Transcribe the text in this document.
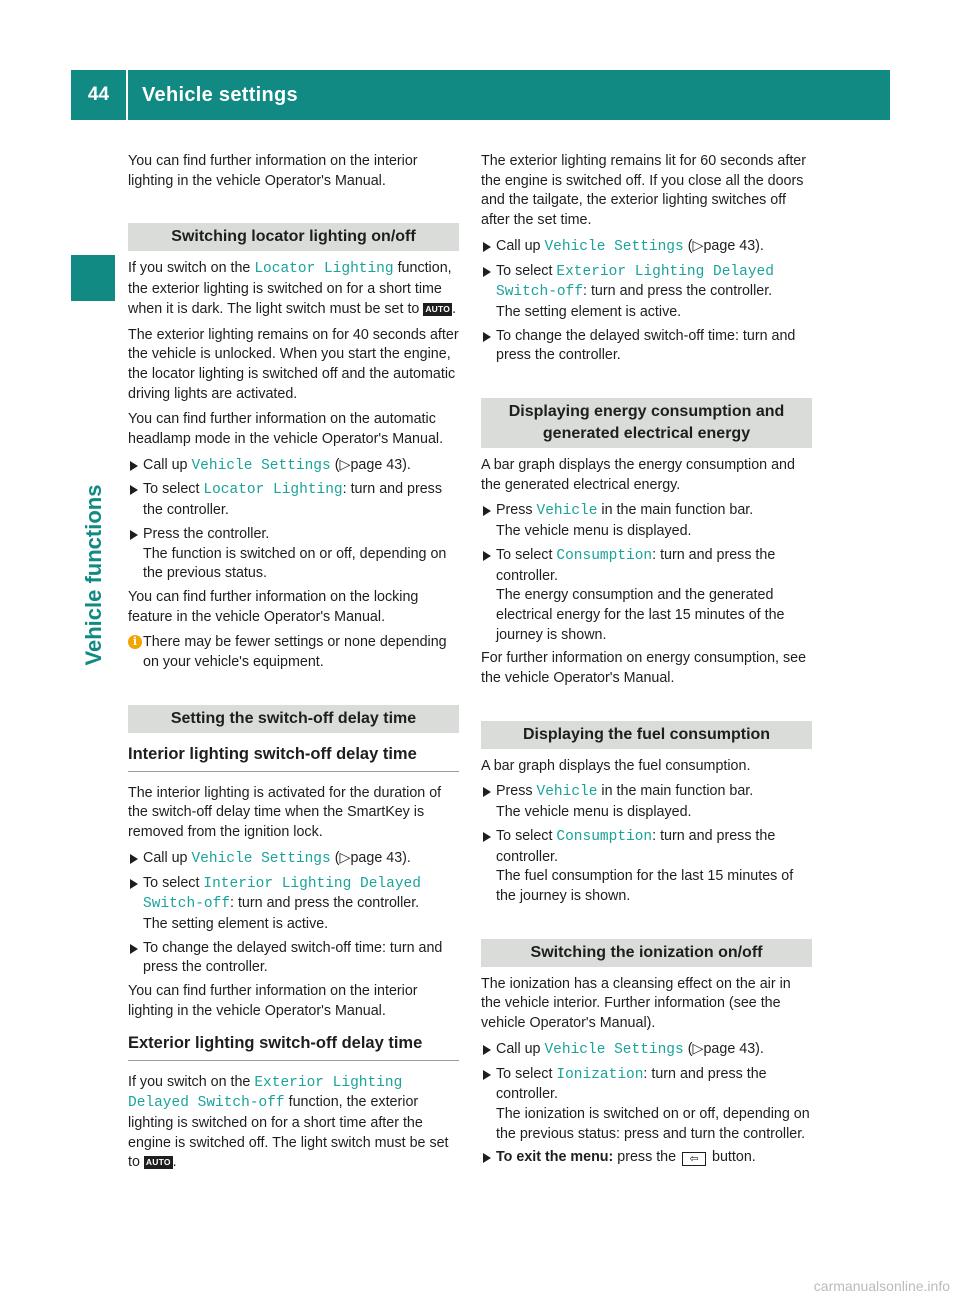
44	Vehicle settings
Vehicle functions

You can find further information on the interior lighting in the vehicle Operator's Manual.

Switching locator lighting on/off

If you switch on the Locator Lighting function, the exterior lighting is switched on for a short time when it is dark. The light switch must be set to AUTO .

The exterior lighting remains on for 40 seconds after the vehicle is unlocked. When you start the engine, the locator lighting is switched off and the automatic driving lights are activated.

You can find further information on the automatic headlamp mode in the vehicle Operator's Manual.

Call up Vehicle Settings (▷page 43).
To select Locator Lighting: turn and press the controller.
Press the controller.
The function is switched on or off, depending on the previous status.

You can find further information on the locking feature in the vehicle Operator's Manual.

i There may be fewer settings or none depending on your vehicle's equipment.
Setting the switch-off delay time
Interior lighting switch-off delay time

The interior lighting is activated for the duration of the switch-off delay time when the SmartKey is removed from the ignition lock.

Call up Vehicle Settings (▷page 43).
To select Interior Lighting Delayed
Switch-off: turn and press the controller.
The setting element is active.
To change the delayed switch-off time: turn and press the controller.

You can find further information on the interior lighting in the vehicle Operator's Manual.

Exterior lighting switch-off delay time

If you switch on the Exterior Lighting
Delayed Switch-off function, the exterior lighting is switched on for a short time after the engine is switched off. The light switch must be set to AUTO .

The exterior lighting remains lit for 60 seconds after the engine is switched off. If you close all the doors and the tailgate, the exterior lighting switches off after the set time.

Call up Vehicle Settings (▷page 43).
To select Exterior Lighting Delayed
Switch-off: turn and press the controller.
The setting element is active.
To change the delayed switch-off time: turn and press the controller.
Displaying energy consumption and generated electrical energy

A bar graph displays the energy consumption and the generated electrical energy.

Press Vehicle in the main function bar.
The vehicle menu is displayed.
To select Consumption: turn and press the controller.
The energy consumption and the generated electrical energy for the last 15 minutes of the journey is shown.

For further information on energy consumption, see the vehicle Operator's Manual.

Displaying the fuel consumption

A bar graph displays the fuel consumption.

Press Vehicle in the main function bar.
The vehicle menu is displayed.
To select Consumption: turn and press the controller.
The fuel consumption for the last 15 minutes of the journey is shown.
Switching the ionization on/off

The ionization has a cleansing effect on the air in the vehicle interior. Further information (see the vehicle Operator's Manual).

Call up Vehicle Settings (▷page 43).
To select Ionization: turn and press the controller.
The ionization is switched on or off, depending on the previous status: press and turn the controller.
To exit the menu: press the ⇦ button.
carmanualsonline.info
